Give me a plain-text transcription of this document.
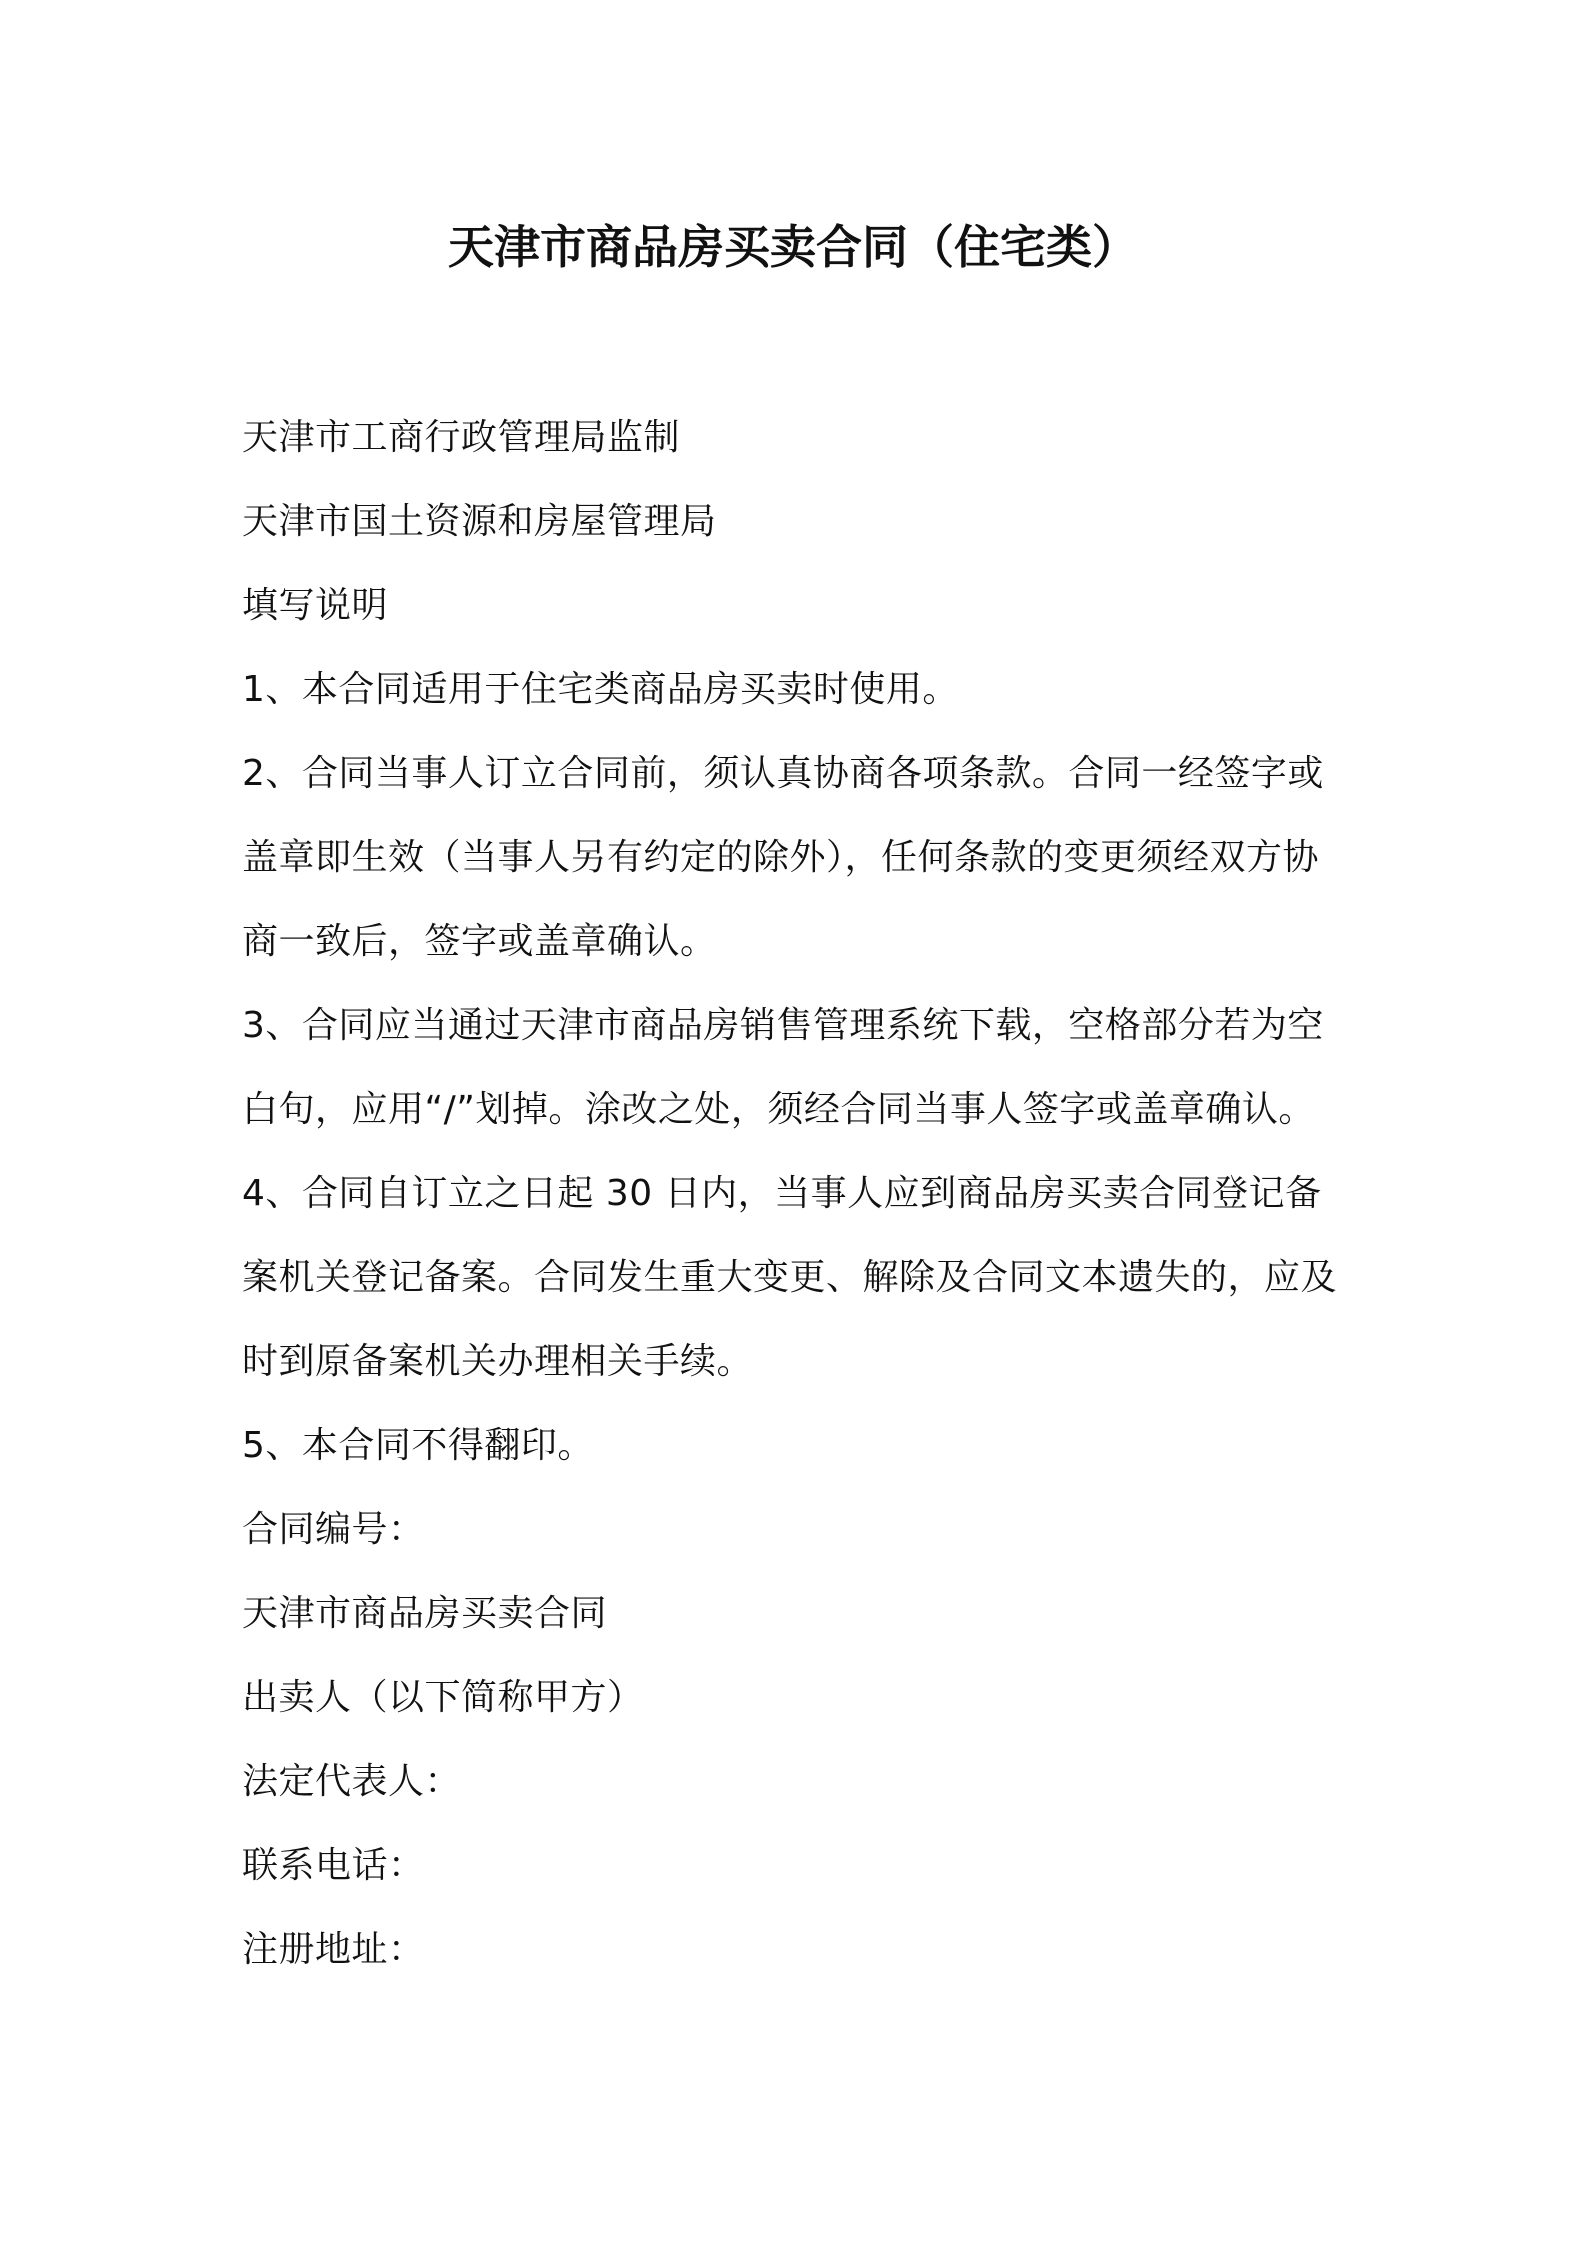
天津市商品房买卖合同（住宅类）
天津市工商行政管理局监制
天津市国土资源和房屋管理局
填写说明
1、本合同适用于住宅类商品房买卖时使用。
2、合同当事人订立合同前，须认真协商各项条款。合同一经签字或
盖章即生效（当事人另有约定的除外），任何条款的变更须经双方协
商一致后，签字或盖章确认。
3、合同应当通过天津市商品房销售管理系统下载，空格部分若为空
白句，应用“/”划掉。涂改之处，须经合同当事人签字或盖章确认。
4、合同自订立之日起 30 日内，当事人应到商品房买卖合同登记备
案机关登记备案。合同发生重大变更、解除及合同文本遗失的，应及
时到原备案机关办理相关手续。
5、本合同不得翻印。
合同编号：
天津市商品房买卖合同
出卖人（以下简称甲方）
法定代表人：
联系电话：
注册地址：
